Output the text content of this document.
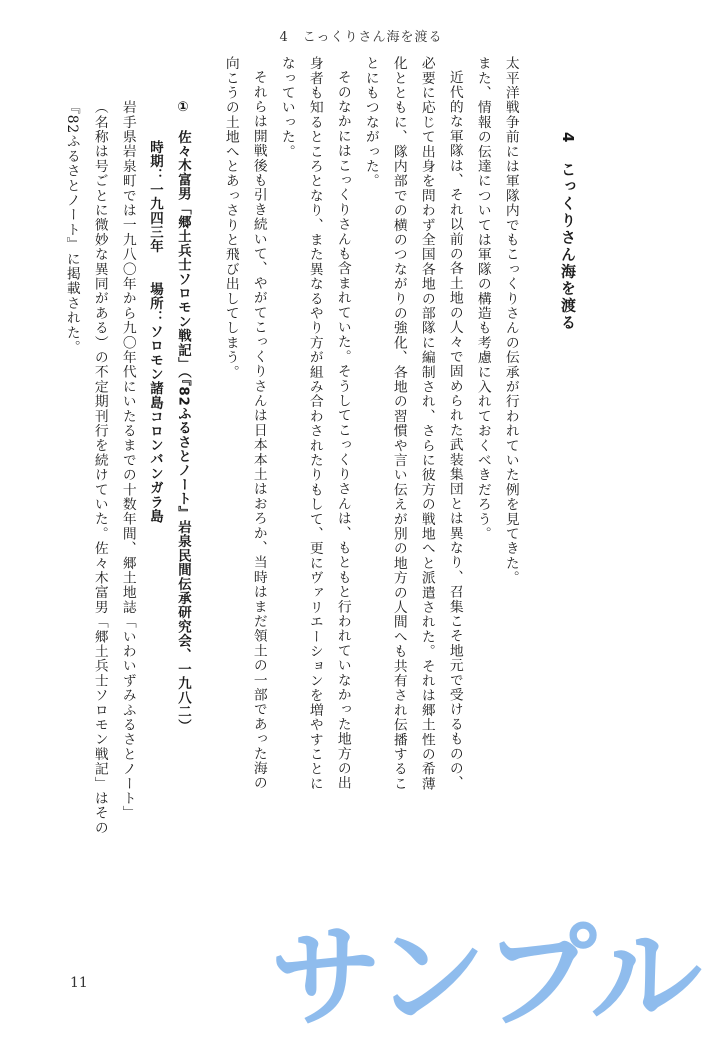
4　こっくりさん海を渡る
4　こっくりさん海を渡る
太平洋戦争前には軍隊内でもこっくりさんの伝承が行われていた例を見てきた。
また、情報の伝達については軍隊の構造も考慮に入れておくべきだろう。
近代的な軍隊は、それ以前の各土地の人々で固められた武装集団とは異なり、召集こそ地元で受けるものの、
必要に応じて出身を問わず全国各地の部隊に編制され、さらに彼方の戦地へと派遣された。それは郷土性の希薄
化とともに、隊内部での横のつながりの強化、各地の習慣や言い伝えが別の地方の人間へも共有され伝播するこ
とにもつながった。
そのなかにはこっくりさんも含まれていた。そうしてこっくりさんは、もともと行われていなかった地方の出
身者も知るところとなり、また異なるやり方が組み合わされたりもして、更にヴァリエーションを増やすことに
なっていった。
それらは開戦後も引き続いて、やがてこっくりさんは日本本土はおろか、当時はまだ領土の一部であった海の
向こうの土地へとあっさりと飛び出してしまう。
①　佐々木富男「郷土兵士ソロモン戦記」（『82ふるさとノート』岩泉民間伝承研究会、一九八二）
時期：一九四三年　　場所：ソロモン諸島コロンバンガラ島
岩手県岩泉町では一九八〇年から九〇年代にいたるまでの十数年間、郷土地誌「いわいずみふるさとノート」
（名称は号ごとに微妙な異同がある）の不定期刊行を続けていた。佐々木富男「郷土兵士ソロモン戦記」はその
『82ふるさとノート』に掲載された。
11 サンプル
